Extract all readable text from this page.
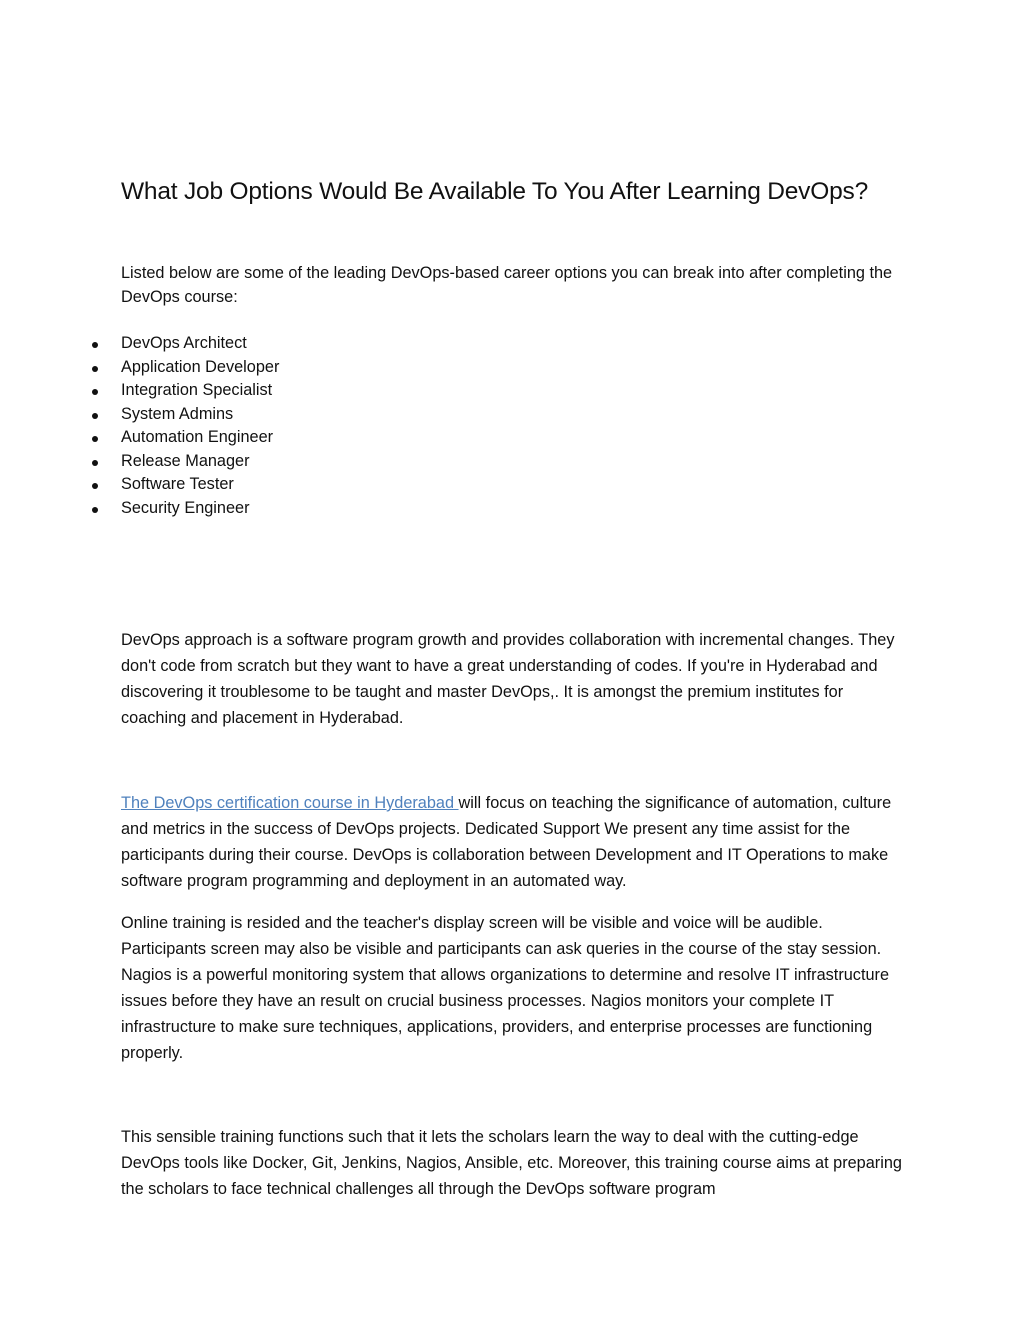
What Job Options Would Be Available To You After Learning DevOps?

Listed below are some of the leading DevOps-based career options you can break into after completing the DevOps course:

DevOps Architect
Application Developer
Integration Specialist
System Admins
Automation Engineer
Release Manager
Software Tester
Security Engineer

DevOps approach is a software program growth and provides collaboration with incremental changes. They don't code from scratch but they want to have a great understanding of codes. If you're in Hyderabad and discovering it troublesome to be taught and master DevOps,. It is amongst the premium institutes for coaching and placement in Hyderabad.

The DevOps certification course in Hyderabad will focus on teaching the significance of automation, culture and metrics in the success of DevOps projects. Dedicated Support We present any time assist for the participants during their course. DevOps is collaboration between Development and IT Operations to make software program programming and deployment in an automated way.

Online training is resided and the teacher's display screen will be visible and voice will be audible. Participants screen may also be visible and participants can ask queries in the course of the stay session. Nagios is a powerful monitoring system that allows organizations to determine and resolve IT infrastructure issues before they have an result on crucial business processes. Nagios monitors your complete IT infrastructure to make sure techniques, applications, providers, and enterprise processes are functioning properly.

This sensible training functions such that it lets the scholars learn the way to deal with the cutting-edge DevOps tools like Docker, Git, Jenkins, Nagios, Ansible, etc. Moreover, this training course aims at preparing the scholars to face technical challenges all through the DevOps software program
